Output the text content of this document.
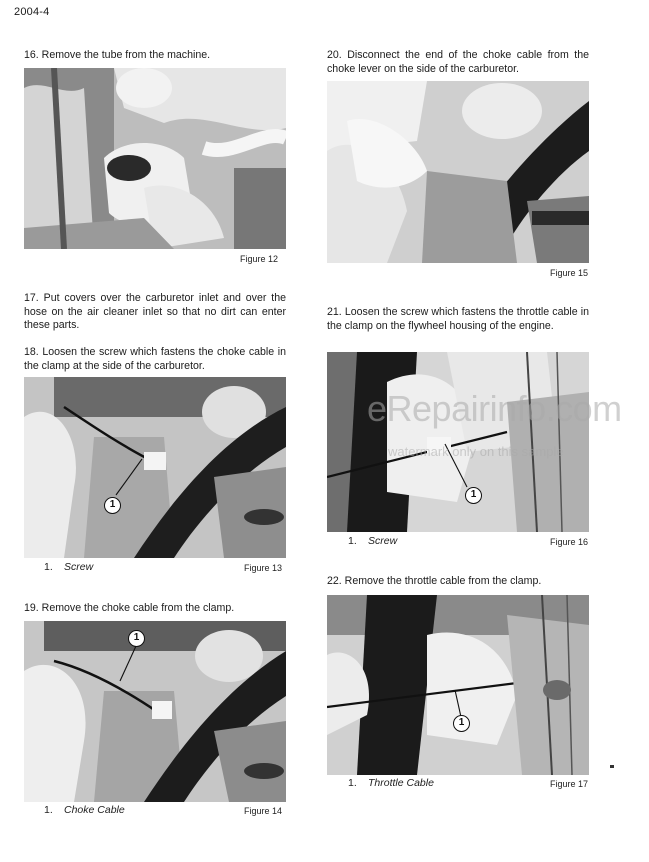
2004-4
16. Remove the tube from the machine.
Figure 12
17. Put covers over the carburetor inlet and over the hose on the air cleaner inlet so that no dirt can enter these parts.
18. Loosen the screw which fastens the choke cable in the clamp at the side of the carburetor.
1
1. Screw	Figure 13
19. Remove the choke cable from the clamp.
1
1. Choke Cable	Figure 14
20. Disconnect the end of the choke cable from the choke lever on the side of the carburetor.
Figure 15
21. Loosen the screw which fastens the throttle cable in the clamp on the flywheel housing of the engine.
1
1. Screw	Figure 16
22. Remove the throttle cable from the clamp.
1
1. Throttle Cable	Figure 17
eRepairinfo.com
watermark only on this sample
